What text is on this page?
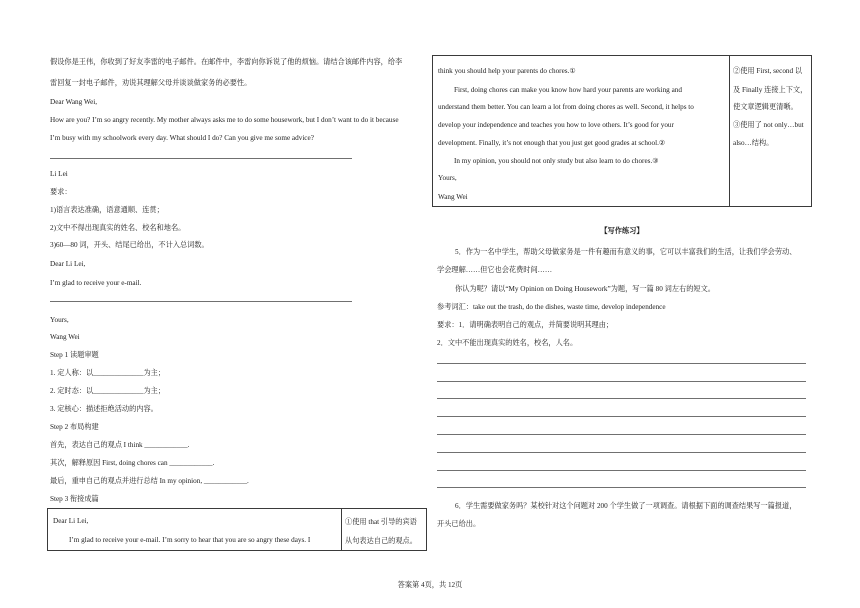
假设你是王伟，你收到了好友李雷的电子邮件。在邮件中，李雷向你诉说了他的烦恼。请结合该邮件内容，给李
雷回复一封电子邮件，劝说其理解父母并谈谈做家务的必要性。
Dear Wang Wei,
How are you? I’m so angry recently. My mother always asks me to do some housework, but I don’t want to do it because
I’m busy with my schoolwork every day. What should I do? Can you give me some advice?
Li Lei
要求：
1)语言表达准确，语意通顺、连贯；
2)文中不得出现真实的姓名、校名和地名。
3)60—80 词，开头、结尾已给出，不计入总词数。
Dear Li Lei,
I’m glad to receive your e-mail.
Yours,
Wang Wei
Step 1 读题审题
1. 定人称：以______________为主；
2. 定时态：以______________为主；
3. 定核心：描述拒绝活动的内容。
Step 2 布局构建
首先，表达自己的观点 I think ____________.
其次，解释原因 First, doing chores can ____________.
最后，重申自己的观点并进行总结 In my opinion, ____________.
Step 3 衔接成篇
Dear Li Lei,
I’m glad to receive your e-mail. I’m sorry to hear that you are so angry these days. I
①使用 that 引导的宾语
从句表达自己的观点。
think you should help your parents do chores.①
First, doing chores can make you know how hard your parents are working and
understand them better. You can learn a lot from doing chores as well. Second, it helps to
develop your independence and teaches you how to love others. It’s good for your
development. Finally, it’s not enough that you just get good grades at school.②
In my opinion, you should not only study but also learn to do chores.③
Yours,
Wang Wei
②使用 First, second 以
及 Finally 连接上下文，
使文章逻辑更清晰。
③使用了 not only…but
also…结构。
【写作练习】
5．作为一名中学生，帮助父母做家务是一件有趣而有意义的事，它可以丰富我们的生活，让我们学会劳动、
学会理解……但它也会花费时间……
你认为呢？请以“My Opinion on Doing Housework”为题，写一篇 80 词左右的短文。
参考词汇：take out the trash, do the dishes, waste time, develop independence
要求：1．请明确表明自己的观点，并简要说明其理由；
2．文中不能出现真实的姓名，校名，人名。
6．学生需要做家务吗？某校针对这个问题对 200 个学生做了一项调查。请根据下面的调查结果写一篇报道，
开头已给出。
答案第 4页，共 12页
